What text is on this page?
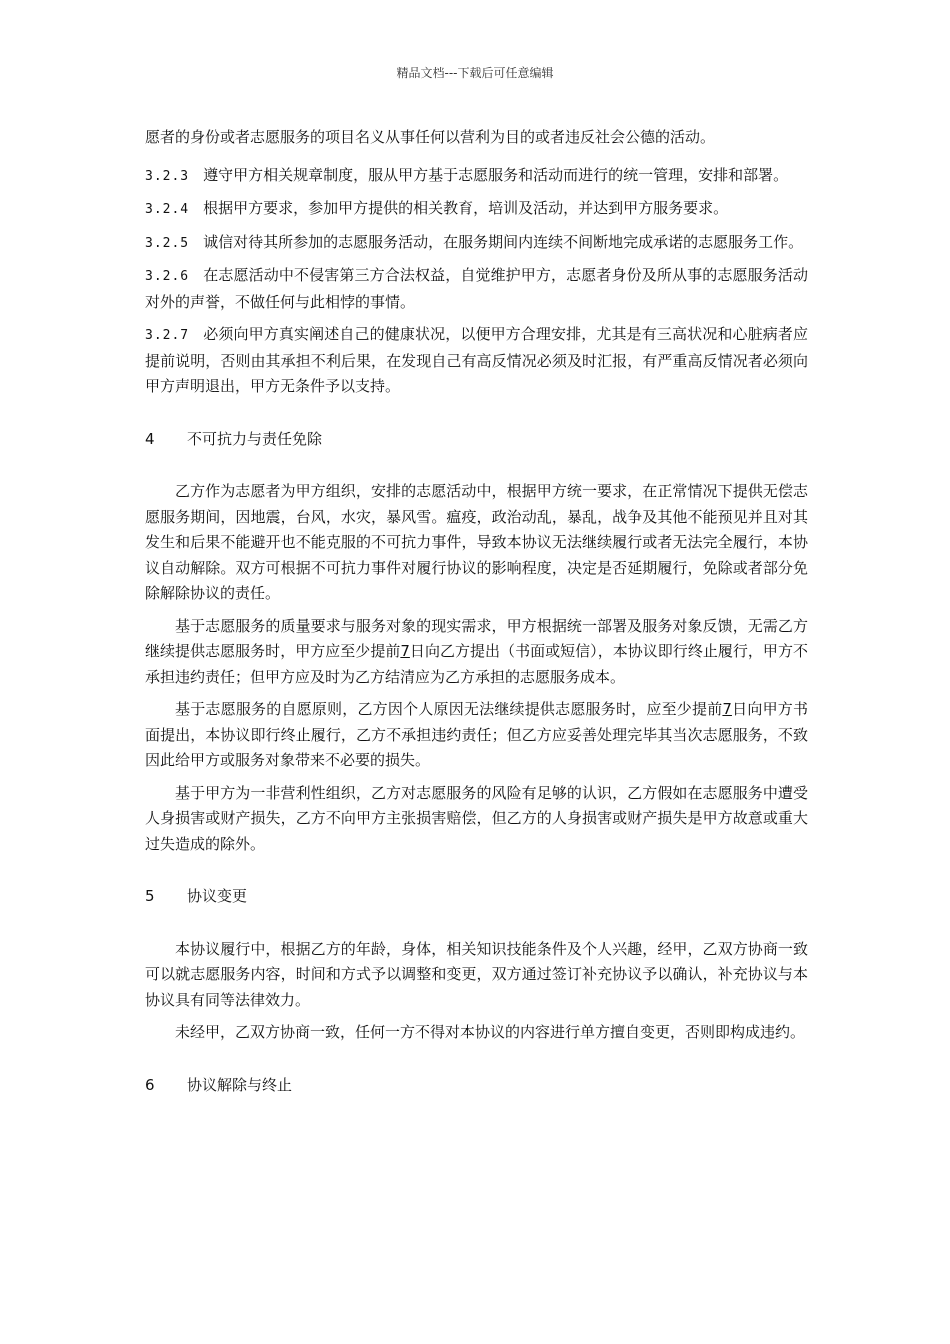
精品文档---下载后可任意编辑

愿者的身份或者志愿服务的项目名义从事任何以营利为目的或者违反社会公德的活动。

3.2.3 遵守甲方相关规章制度，服从甲方基于志愿服务和活动而进行的统一管理，安排和部署。

3.2.4 根据甲方要求，参加甲方提供的相关教育，培训及活动，并达到甲方服务要求。

3.2.5 诚信对待其所参加的志愿服务活动，在服务期间内连续不间断地完成承诺的志愿服务工作。

3.2.6 在志愿活动中不侵害第三方合法权益，自觉维护甲方，志愿者身份及所从事的志愿服务活动对外的声誉，不做任何与此相悖的事情。

3.2.7 必须向甲方真实阐述自己的健康状况，以便甲方合理安排，尤其是有三高状况和心脏病者应提前说明，否则由其承担不利后果，在发现自己有高反情况必须及时汇报，有严重高反情况者必须向甲方声明退出，甲方无条件予以支持。

4 不可抗力与责任免除

乙方作为志愿者为甲方组织，安排的志愿活动中，根据甲方统一要求，在正常情况下提供无偿志愿服务期间，因地震，台风，水灾，暴风雪。瘟疫，政治动乱，暴乱，战争及其他不能预见并且对其发生和后果不能避开也不能克服的不可抗力事件，导致本协议无法继续履行或者无法完全履行，本协议自动解除。双方可根据不可抗力事件对履行协议的影响程度，决定是否延期履行，免除或者部分免除解除协议的责任。

基于志愿服务的质量要求与服务对象的现实需求，甲方根据统一部署及服务对象反馈，无需乙方继续提供志愿服务时，甲方应至少提前7日向乙方提出（书面或短信），本协议即行终止履行，甲方不承担违约责任；但甲方应及时为乙方结清应为乙方承担的志愿服务成本。

基于志愿服务的自愿原则，乙方因个人原因无法继续提供志愿服务时，应至少提前7日向甲方书面提出，本协议即行终止履行，乙方不承担违约责任；但乙方应妥善处理完毕其当次志愿服务，不致因此给甲方或服务对象带来不必要的损失。

基于甲方为一非营利性组织，乙方对志愿服务的风险有足够的认识，乙方假如在志愿服务中遭受人身损害或财产损失，乙方不向甲方主张损害赔偿，但乙方的人身损害或财产损失是甲方故意或重大过失造成的除外。

5 协议变更

本协议履行中，根据乙方的年龄，身体，相关知识技能条件及个人兴趣，经甲，乙双方协商一致可以就志愿服务内容，时间和方式予以调整和变更，双方通过签订补充协议予以确认，补充协议与本协议具有同等法律效力。

未经甲，乙双方协商一致，任何一方不得对本协议的内容进行单方擅自变更，否则即构成违约。

6 协议解除与终止
